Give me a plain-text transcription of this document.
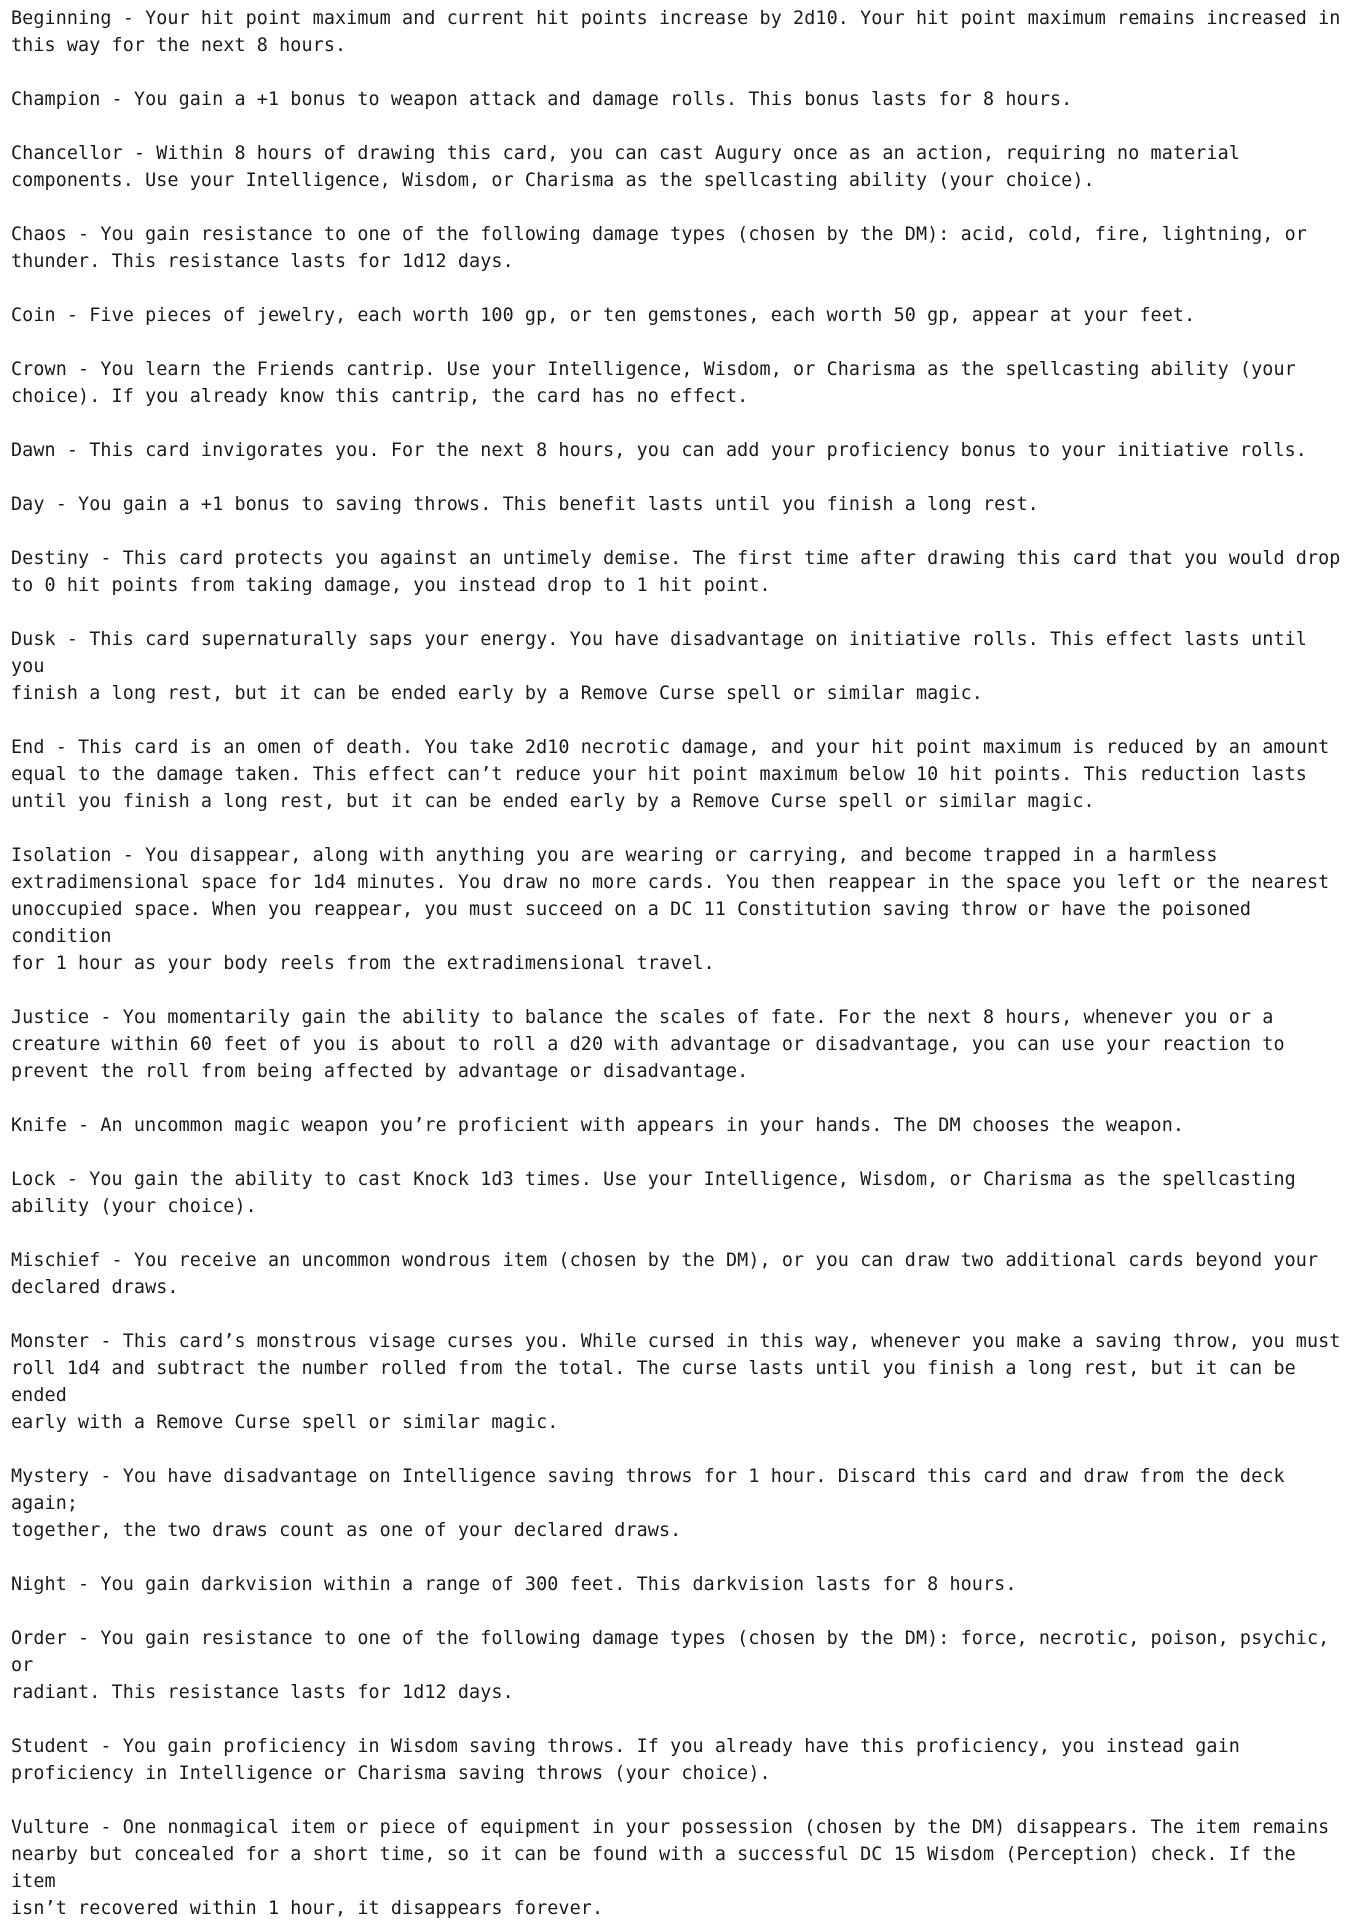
Beginning - Your hit point maximum and current hit points increase by 2d10. Your hit point maximum remains increased in
this way for the next 8 hours.
Champion - You gain a +1 bonus to weapon attack and damage rolls. This bonus lasts for 8 hours.
Chancellor - Within 8 hours of drawing this card, you can cast Augury once as an action, requiring no material
components. Use your Intelligence, Wisdom, or Charisma as the spellcasting ability (your choice).
Chaos - You gain resistance to one of the following damage types (chosen by the DM): acid, cold, fire, lightning, or
thunder. This resistance lasts for 1d12 days.
Coin - Five pieces of jewelry, each worth 100 gp, or ten gemstones, each worth 50 gp, appear at your feet.
Crown - You learn the Friends cantrip. Use your Intelligence, Wisdom, or Charisma as the spellcasting ability (your
choice). If you already know this cantrip, the card has no effect.
Dawn - This card invigorates you. For the next 8 hours, you can add your proficiency bonus to your initiative rolls.
Day - You gain a +1 bonus to saving throws. This benefit lasts until you finish a long rest.
Destiny - This card protects you against an untimely demise. The first time after drawing this card that you would drop
to 0 hit points from taking damage, you instead drop to 1 hit point.
Dusk - This card supernaturally saps your energy. You have disadvantage on initiative rolls. This effect lasts until you
finish a long rest, but it can be ended early by a Remove Curse spell or similar magic.
End - This card is an omen of death. You take 2d10 necrotic damage, and your hit point maximum is reduced by an amount
equal to the damage taken. This effect can’t reduce your hit point maximum below 10 hit points. This reduction lasts
until you finish a long rest, but it can be ended early by a Remove Curse spell or similar magic.
Isolation - You disappear, along with anything you are wearing or carrying, and become trapped in a harmless
extradimensional space for 1d4 minutes. You draw no more cards. You then reappear in the space you left or the nearest
unoccupied space. When you reappear, you must succeed on a DC 11 Constitution saving throw or have the poisoned condition
for 1 hour as your body reels from the extradimensional travel.
Justice - You momentarily gain the ability to balance the scales of fate. For the next 8 hours, whenever you or a
creature within 60 feet of you is about to roll a d20 with advantage or disadvantage, you can use your reaction to
prevent the roll from being affected by advantage or disadvantage.
Knife - An uncommon magic weapon you’re proficient with appears in your hands. The DM chooses the weapon.
Lock - You gain the ability to cast Knock 1d3 times. Use your Intelligence, Wisdom, or Charisma as the spellcasting
ability (your choice).
Mischief - You receive an uncommon wondrous item (chosen by the DM), or you can draw two additional cards beyond your
declared draws.
Monster - This card’s monstrous visage curses you. While cursed in this way, whenever you make a saving throw, you must
roll 1d4 and subtract the number rolled from the total. The curse lasts until you finish a long rest, but it can be ended
early with a Remove Curse spell or similar magic.
Mystery - You have disadvantage on Intelligence saving throws for 1 hour. Discard this card and draw from the deck again;
together, the two draws count as one of your declared draws.
Night - You gain darkvision within a range of 300 feet. This darkvision lasts for 8 hours.
Order - You gain resistance to one of the following damage types (chosen by the DM): force, necrotic, poison, psychic, or
radiant. This resistance lasts for 1d12 days.
Student - You gain proficiency in Wisdom saving throws. If you already have this proficiency, you instead gain
proficiency in Intelligence or Charisma saving throws (your choice).
Vulture - One nonmagical item or piece of equipment in your possession (chosen by the DM) disappears. The item remains
nearby but concealed for a short time, so it can be found with a successful DC 15 Wisdom (Perception) check. If the item
isn’t recovered within 1 hour, it disappears forever.
